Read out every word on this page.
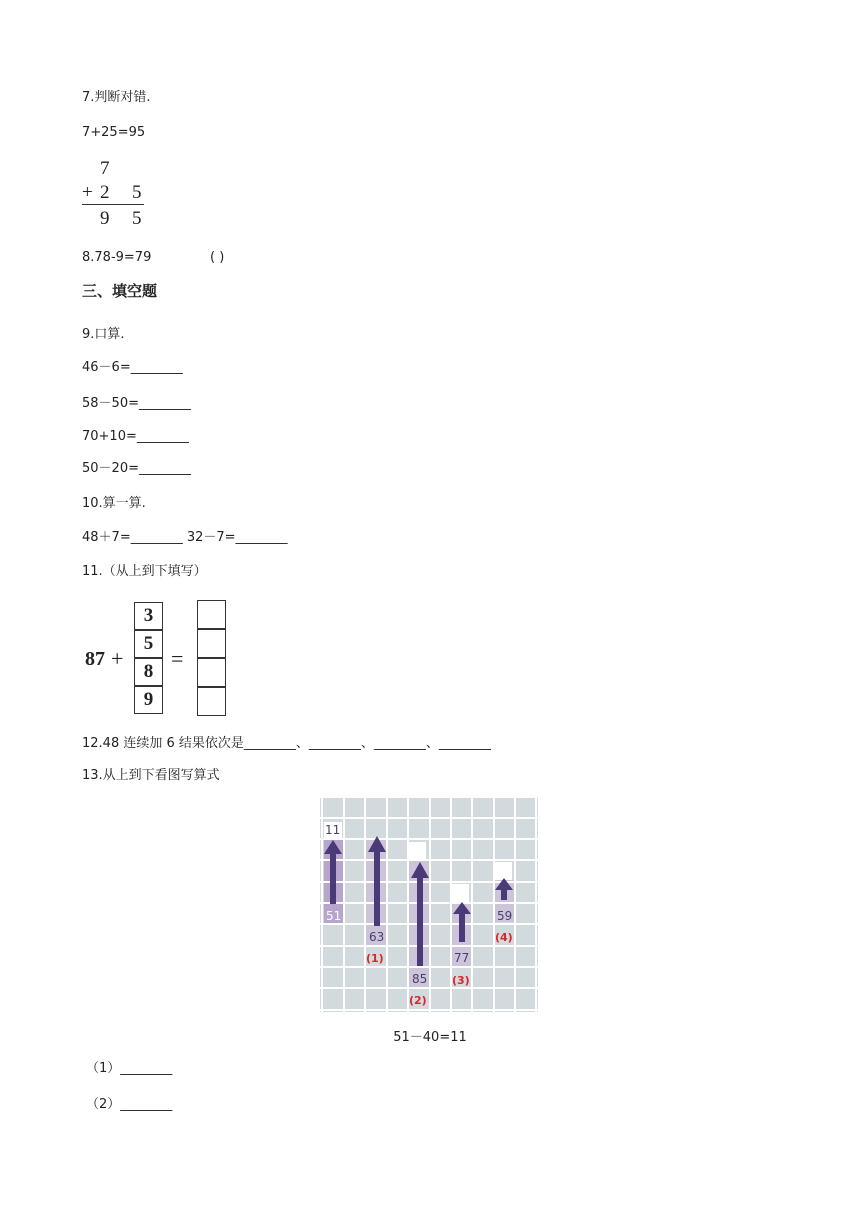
7.判断对错.
7+25=95
7
+ 2 5
9 5
8.78-9=79	( )
三、填空题
9.口算.
46－6=________
58－50=________
70+10=________
50－20=________
10.算一算.
48＋7=________ 32－7=________
11.（从上到下填写）
87 +
3
5
8
9
=
12.48 连续加 6 结果依次是________、________、________、________
13.从上到下看图写算式
11
51
63
85
77
59
(1)
(2)
(3)
(4)
51－40=11
（1）________
（2）________
